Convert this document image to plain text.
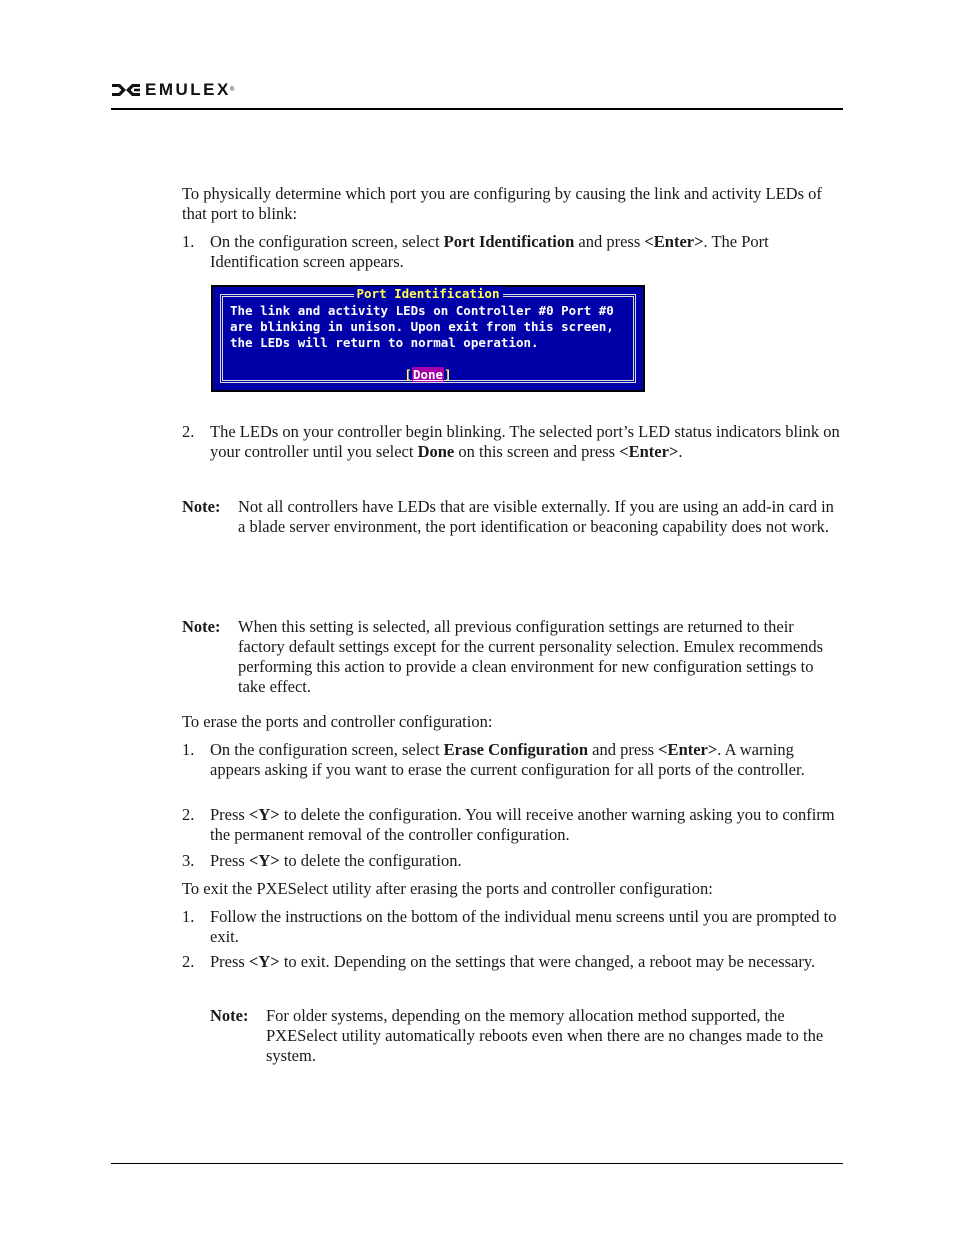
EMULEX ®

To physically determine which port you are configuring by causing the link and activity LEDs of that port to blink:

1. On the configuration screen, select Port Identification and press <Enter>. The Port Identification screen appears.
Port Identification
The link and activity LEDs on Controller #0 Port #0
are blinking in unison. Upon exit from this screen,
the LEDs will return to normal operation.
[Done]
2. The LEDs on your controller begin blinking. The selected port’s LED status indicators blink on your controller until you select Done on this screen and press <Enter>.
Note: Not all controllers have LEDs that are visible externally. If you are using an add-in card in a blade server environment, the port identification or beaconing capability does not work.
Note: When this setting is selected, all previous configuration settings are returned to their factory default settings except for the current personality selection. Emulex recommends performing this action to provide a clean environment for new configuration settings to take effect.

To erase the ports and controller configuration:

1. On the configuration screen, select Erase Configuration and press <Enter>. A warning appears asking if you want to erase the current configuration for all ports of the controller.
2. Press <Y> to delete the configuration. You will receive another warning asking you to confirm the permanent removal of the controller configuration.
3. Press <Y> to delete the configuration.

To exit the PXESelect utility after erasing the ports and controller configuration:

1. Follow the instructions on the bottom of the individual menu screens until you are prompted to exit.
2. Press <Y> to exit. Depending on the settings that were changed, a reboot may be necessary.
Note: For older systems, depending on the memory allocation method supported, the PXESelect utility automatically reboots even when there are no changes made to the system.
